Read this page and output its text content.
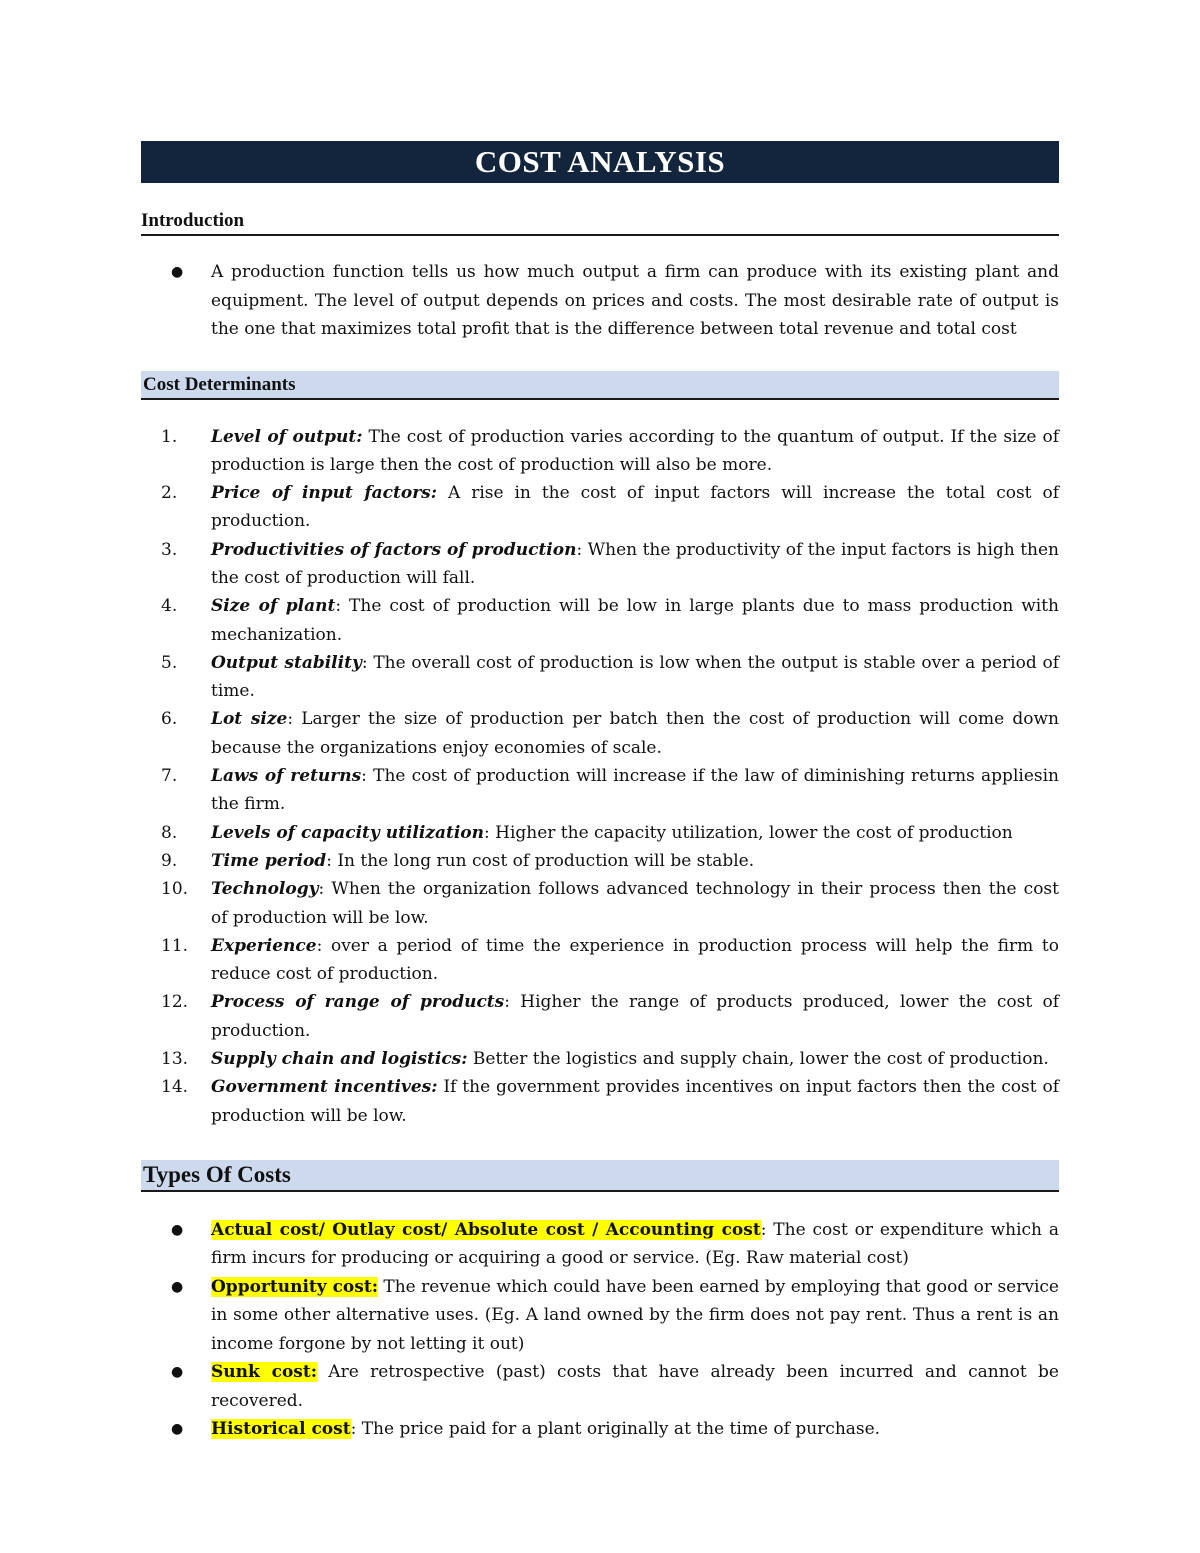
COST ANALYSIS
Introduction
● A production function tells us how much output a firm can produce with its existing plant and equipment. The level of output depends on prices and costs. The most desirable rate of output is the one that maximizes total profit that is the difference between total revenue and total cost
Cost Determinants
1.	Level of output: The cost of production varies according to the quantum of output. If the size of production is large then the cost of production will also be more.
2.	Price of input factors: A rise in the cost of input factors will increase the total cost of production.
3.	Productivities of factors of production: When the productivity of the input factors is high then the cost of production will fall.
4.	Size of plant: The cost of production will be low in large plants due to mass production with mechanization.
5.	Output stability: The overall cost of production is low when the output is stable over a period of time.
6.	Lot size: Larger the size of production per batch then the cost of production will come down because the organizations enjoy economies of scale.
7.	Laws of returns: The cost of production will increase if the law of diminishing returns appliesin the firm.
8.	Levels of capacity utilization: Higher the capacity utilization, lower the cost of production
9.	Time period: In the long run cost of production will be stable.
10.	Technology: When the organization follows advanced technology in their process then the cost of production will be low.
11.	Experience: over a period of time the experience in production process will help the firm to reduce cost of production.
12.	Process of range of products: Higher the range of products produced, lower the cost of production.
13.	Supply chain and logistics: Better the logistics and supply chain, lower the cost of production.
14.	Government incentives: If the government provides incentives on input factors then the cost of production will be low.
Types Of Costs
● Actual cost/ Outlay cost/ Absolute cost / Accounting cost: The cost or expenditure which a firm incurs for producing or acquiring a good or service. (Eg. Raw material cost)
● Opportunity cost: The revenue which could have been earned by employing that good or service in some other alternative uses. (Eg. A land owned by the firm does not pay rent. Thus a rent is an income forgone by not letting it out)
● Sunk cost: Are retrospective (past) costs that have already been incurred and cannot be recovered.
● Historical cost: The price paid for a plant originally at the time of purchase.
